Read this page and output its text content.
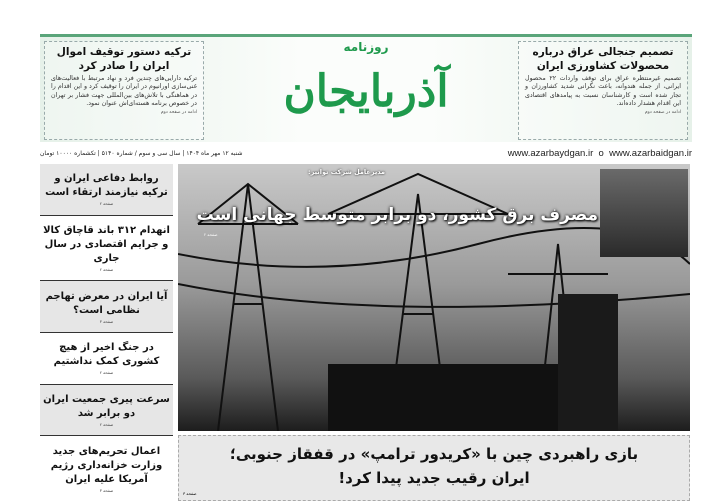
تصمیم جنجالی عراق درباره محصولات کشاورزی ایران

تصمیم غیرمنتظره عراق برای توقف واردات ۲۲ محصول ایرانی، از جمله هندوانه، باعث نگرانی شدید کشاورزان و تجار شده است و کارشناسان نسبت به پیامدهای اقتصادی این اقدام هشدار داده‌اند.

ادامه در صفحه دوم
روزنامه
آذربایجان
ترکیه دستور توقیف اموال ایران را صادر کرد

ترکیه دارایی‌های چندین فرد و نهاد مرتبط با فعالیت‌های غنی‌سازی اورانیوم در ایران را توقیف کرد و این اقدام را در هماهنگی با تلاش‌های بین‌المللی جهت فشار بر تهران در خصوص برنامه هسته‌ای‌اش عنوان نمود.

ادامه در صفحه دوم
شنبه ۱۲ مهر ماه ۱۴۰۴ | سال سی و سوم / شماره ۵۱۴۰ | تکشماره ۱۰۰۰۰ تومان	www.azarbaydgan.ir o www.azarbaidgan.ir
روابط دفاعی ایران و ترکیه نیازمند ارتقاء است
صفحه ۲
انهدام ۳۱۲ باند قاچاق کالا و جرایم اقتصادی در سال جاری
صفحه ۲
آیا ایران در معرض تهاجم نظامی است؟
صفحه ۳
در جنگ اخیر از هیچ کشوری کمک نداشتیم
صفحه ۲
سرعت پیری جمعیت ایران دو برابر شد
صفحه ۲
اعمال تحریم‌های جدید وزارت خزانه‌داری رژیم آمریکا علیه ایران
صفحه ۳
مدیرعامل شرکت توانیر:
مصرف برق کشور، دو برابر متوسط جهانی است
صفحه ۲
بازی راهبردی چین با «کریدور ترامپ» در قفقاز جنوبی؛
ایران رقیب جدید پیدا کرد!
صفحه ۳
